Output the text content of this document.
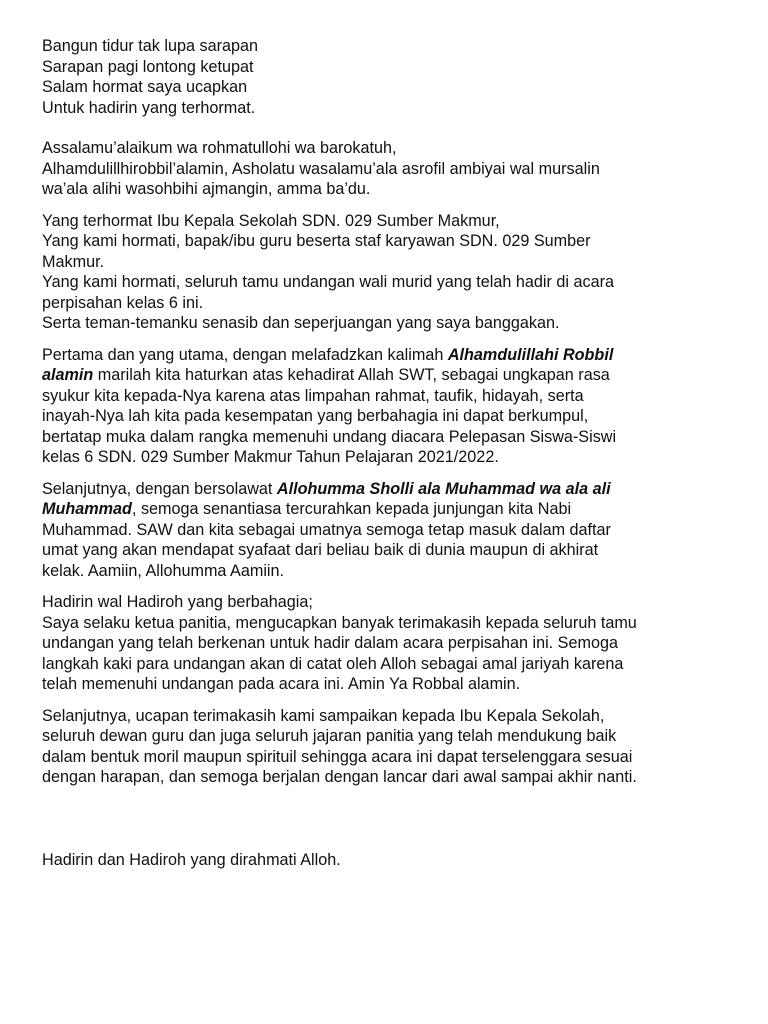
Bangun tidur tak lupa sarapan
Sarapan pagi lontong ketupat
Salam hormat saya ucapkan
Untuk hadirin yang terhormat.
Assalamu’alaikum wa rohmatullohi wa barokatuh,
Alhamdulillhirobbil’alamin, Asholatu wasalamu’ala asrofil ambiyai wal mursalin
wa’ala alihi wasohbihi ajmangin, amma ba’du.
Yang terhormat Ibu Kepala Sekolah SDN. 029 Sumber Makmur,
Yang kami hormati, bapak/ibu guru beserta staf karyawan SDN. 029 Sumber
Makmur.
Yang kami hormati, seluruh tamu undangan wali murid yang telah hadir di acara
perpisahan kelas 6 ini.
Serta teman-temanku senasib dan seperjuangan yang saya banggakan.
Pertama dan yang utama, dengan melafadzkan kalimah Alhamdulillahi Robbil
alamin marilah kita haturkan atas kehadirat Allah SWT, sebagai ungkapan rasa
syukur kita kepada-Nya karena atas limpahan rahmat, taufik, hidayah, serta
inayah-Nya lah kita pada kesempatan yang berbahagia ini dapat berkumpul,
bertatap muka dalam rangka memenuhi undang diacara Pelepasan Siswa-Siswi
kelas 6 SDN. 029 Sumber Makmur Tahun Pelajaran 2021/2022.
Selanjutnya, dengan bersolawat Allohumma Sholli ala Muhammad wa ala ali
Muhammad, semoga senantiasa tercurahkan kepada junjungan kita Nabi
Muhammad. SAW dan kita sebagai umatnya semoga tetap masuk dalam daftar
umat yang akan mendapat syafaat dari beliau baik di dunia maupun di akhirat
kelak. Aamiin, Allohumma Aamiin.
Hadirin wal Hadiroh yang berbahagia;
Saya selaku ketua panitia, mengucapkan banyak terimakasih kepada seluruh tamu
undangan yang telah berkenan untuk hadir dalam acara perpisahan ini. Semoga
langkah kaki para undangan akan di catat oleh Alloh sebagai amal jariyah karena
telah memenuhi undangan pada acara ini. Amin Ya Robbal alamin.
Selanjutnya, ucapan terimakasih kami sampaikan kepada Ibu Kepala Sekolah,
seluruh dewan guru dan juga seluruh jajaran panitia yang telah mendukung baik
dalam bentuk moril maupun spirituil sehingga acara ini dapat terselenggara sesuai
dengan harapan, dan semoga berjalan dengan lancar dari awal sampai akhir nanti.
Hadirin dan Hadiroh yang dirahmati Alloh.
